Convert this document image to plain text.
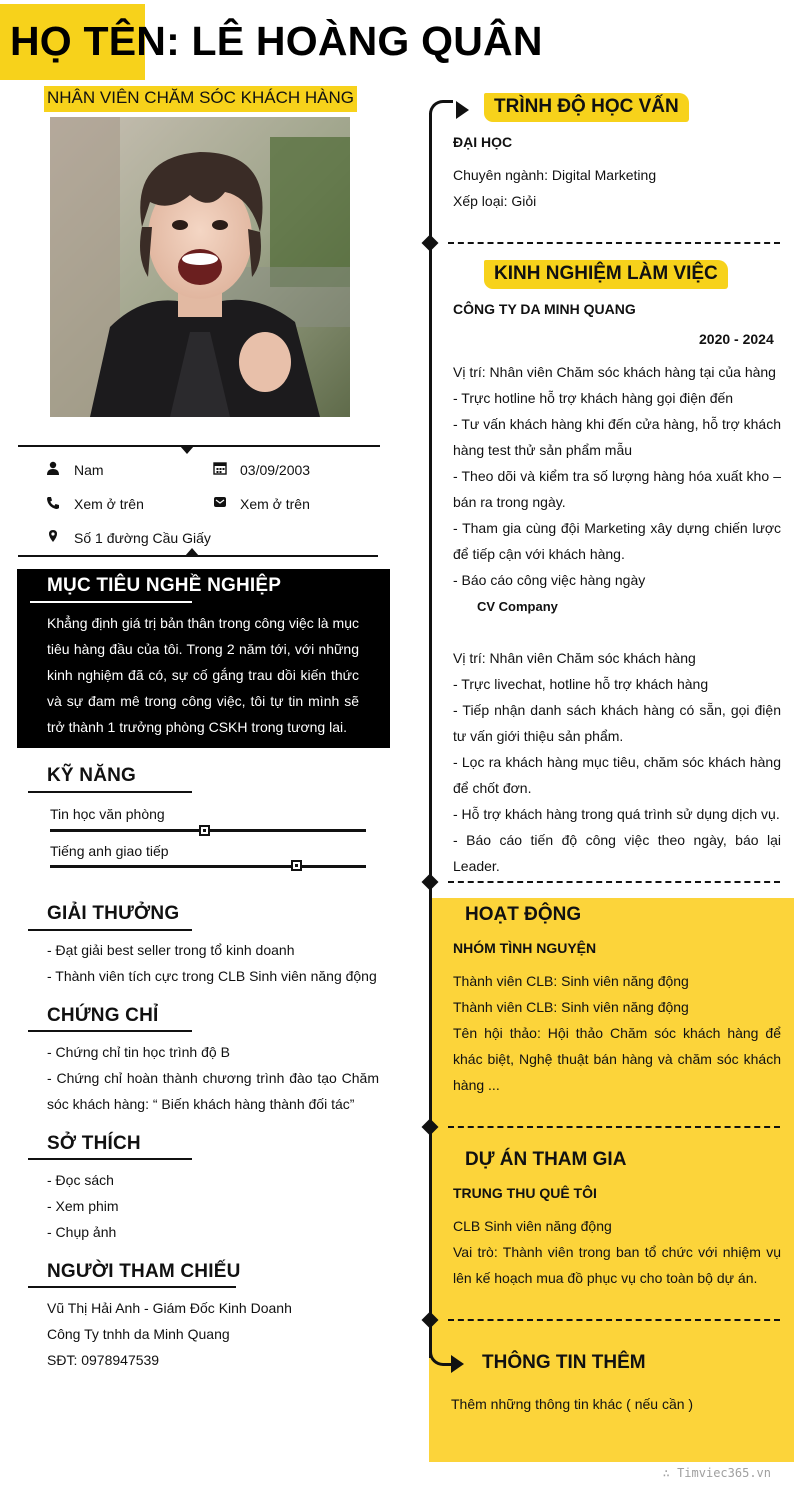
HỌ TÊN: LÊ HOÀNG QUÂN
NHÂN VIÊN CHĂM SÓC KHÁCH HÀNG
Nam	03/09/2003
Xem ở trên	Xem ở trên
Số 1 đường Cầu Giấy
MỤC TIÊU NGHỀ NGHIỆP
Khẳng định giá trị bản thân trong công việc là mục tiêu hàng đầu của tôi. Trong 2 năm tới, với những kinh nghiệm đã có, sự cố gắng trau dồi kiến thức và sự đam mê trong công việc, tôi tự tin mình sẽ trở thành 1 trưởng phòng CSKH trong tương lai.
KỸ NĂNG
Tin học văn phòng
Tiếng anh giao tiếp
GIẢI THƯỞNG
- Đạt giải best seller trong tổ kinh doanh
- Thành viên tích cực trong CLB Sinh viên năng động
CHỨNG CHỈ
- Chứng chỉ tin học trình độ B
- Chứng chỉ hoàn thành chương trình đào tạo Chăm sóc khách hàng: “ Biến khách hàng thành đối tác”
SỞ THÍCH
- Đọc sách
- Xem phim
- Chụp ảnh
NGƯỜI THAM CHIẾU
Vũ Thị Hải Anh - Giám Đốc Kinh Doanh
Công Ty tnhh da Minh Quang
SĐT: 0978947539
TRÌNH ĐỘ HỌC VẤN
ĐẠI HỌC
Chuyên ngành: Digital Marketing
Xếp loại: Giỏi
KINH NGHIỆM LÀM VIỆC
CÔNG TY DA MINH QUANG
2020 - 2024
Vị trí: Nhân viên Chăm sóc khách hàng tại của hàng
- Trực hotline hỗ trợ khách hàng gọi điện đến
- Tư vấn khách hàng khi đến cửa hàng, hỗ trợ khách hàng test thử sản phẩm mẫu
- Theo dõi và kiểm tra số lượng hàng hóa xuất kho – bán ra trong ngày.
- Tham gia cùng đội Marketing xây dựng chiến lược để tiếp cận với khách hàng.
- Báo cáo công việc hàng ngày
CV Company
Vị trí: Nhân viên Chăm sóc khách hàng
- Trực livechat, hotline hỗ trợ khách hàng
- Tiếp nhận danh sách khách hàng có sẵn, gọi điện tư vấn giới thiệu sản phẩm.
- Lọc ra khách hàng mục tiêu, chăm sóc khách hàng để chốt đơn.
- Hỗ trợ khách hàng trong quá trình sử dụng dịch vụ.
- Báo cáo tiến độ công việc theo ngày, báo lại Leader.
HOẠT ĐỘNG
NHÓM TÌNH NGUYỆN
Thành viên CLB: Sinh viên năng động
Thành viên CLB: Sinh viên năng động
Tên hội thảo: Hội thảo Chăm sóc khách hàng để khác biệt, Nghệ thuật bán hàng và chăm sóc khách hàng ...
DỰ ÁN THAM GIA
TRUNG THU QUÊ TÔI
CLB Sinh viên năng động
Vai trò: Thành viên trong ban tổ chức với nhiệm vụ lên kế hoạch mua đồ phục vụ cho toàn bộ dự án.
THÔNG TIN THÊM
Thêm những thông tin khác ( nếu cần )
∴ Timviec365.vn
